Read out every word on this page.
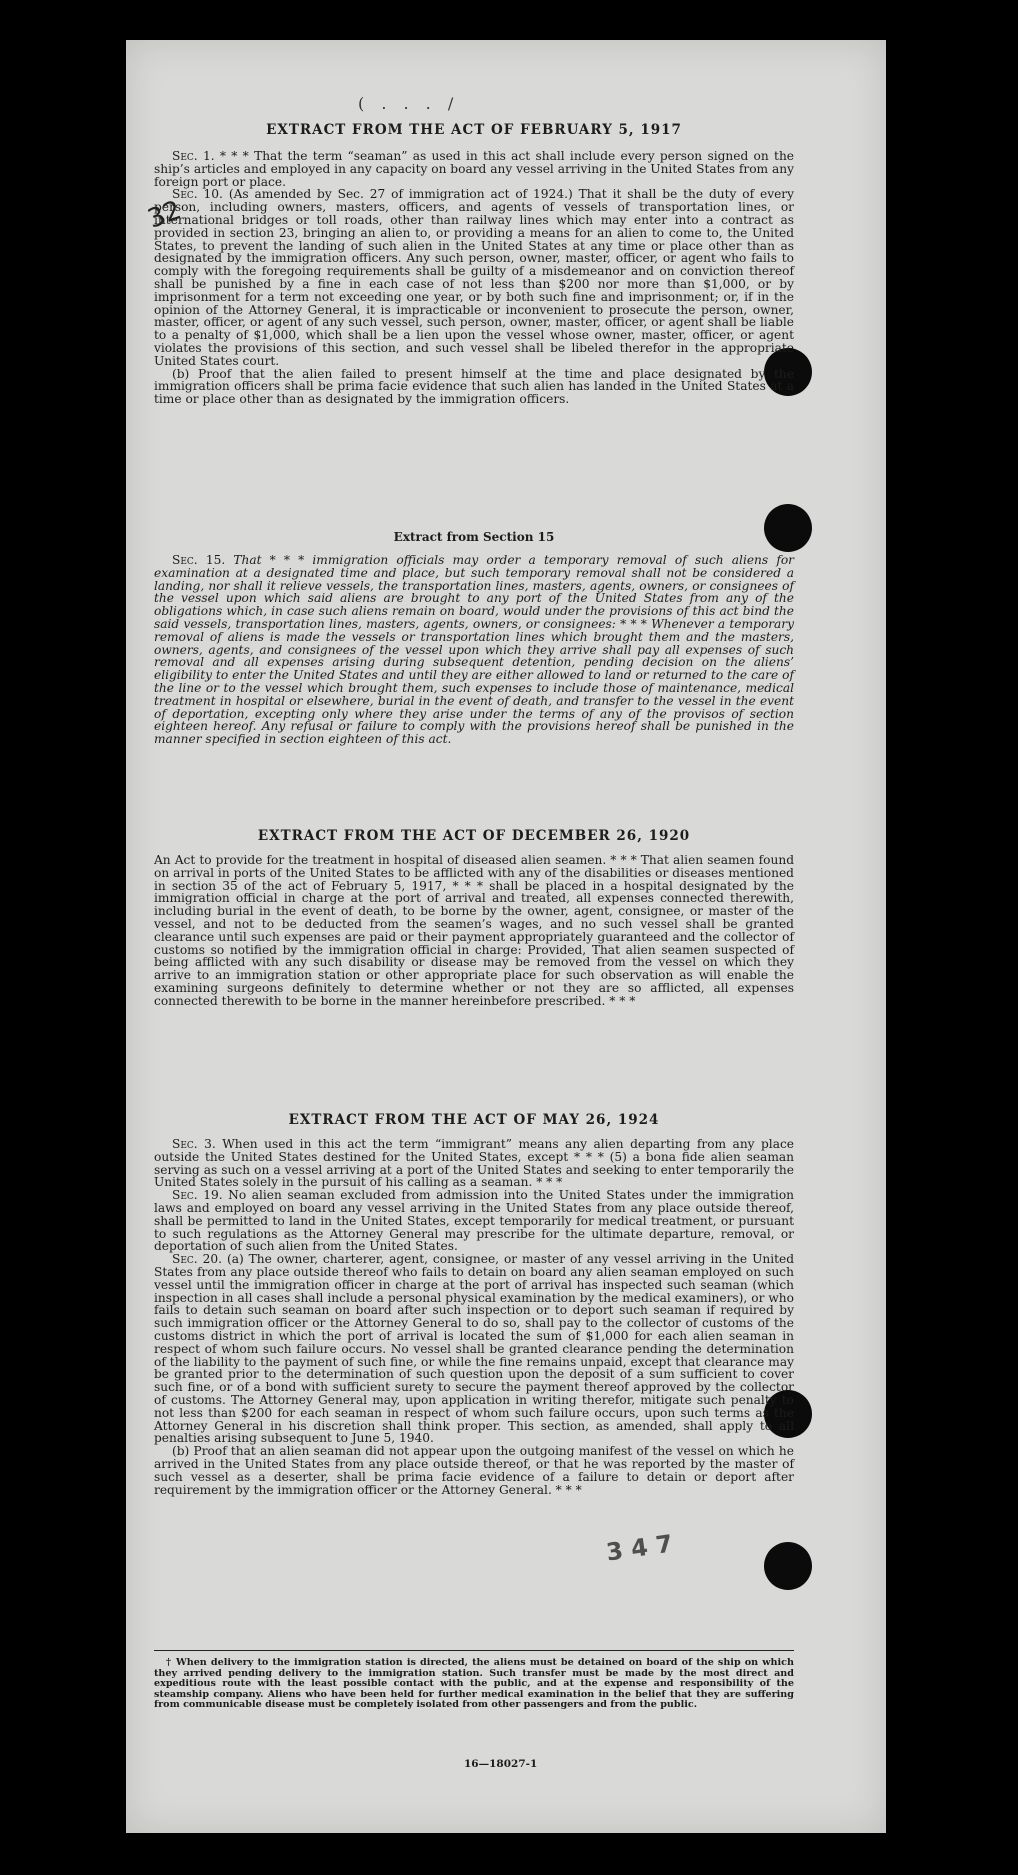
( . . . /
32

EXTRACT FROM THE ACT OF FEBRUARY 5, 1917

Sec. 1. * * * That the term “seaman” as used in this act shall include every person signed on the ship’s articles and employed in any capacity on board any vessel arriving in the United States from any foreign port or place.

Sec. 10. (As amended by Sec. 27 of immigration act of 1924.) That it shall be the duty of every person, including owners, masters, officers, and agents of vessels of transportation lines, or international bridges or toll roads, other than railway lines which may enter into a contract as provided in section 23, bringing an alien to, or providing a means for an alien to come to, the United States, to prevent the landing of such alien in the United States at any time or place other than as designated by the immigration officers. Any such person, owner, master, officer, or agent who fails to comply with the foregoing requirements shall be guilty of a misdemeanor and on conviction thereof shall be punished by a fine in each case of not less than $200 nor more than $1,000, or by imprisonment for a term not exceeding one year, or by both such fine and imprisonment; or, if in the opinion of the Attorney General, it is impracticable or inconvenient to prosecute the person, owner, master, officer, or agent of any such vessel, such person, owner, master, officer, or agent shall be liable to a penalty of $1,000, which shall be a lien upon the vessel whose owner, master, officer, or agent violates the provisions of this section, and such vessel shall be libeled therefor in the appropriate United States court.

(b) Proof that the alien failed to present himself at the time and place designated by the immigration officers shall be prima facie evidence that such alien has landed in the United States at a time or place other than as designated by the immigration officers.

Extract from Section 15

Sec. 15. That * * * immigration officials may order a temporary removal of such aliens for examination at a designated time and place, but such temporary removal shall not be considered a landing, nor shall it relieve vessels, the transportation lines, masters, agents, owners, or consignees of the vessel upon which said aliens are brought to any port of the United States from any of the obligations which, in case such aliens remain on board, would under the provisions of this act bind the said vessels, transportation lines, masters, agents, owners, or consignees: * * * Whenever a temporary removal of aliens is made the vessels or transportation lines which brought them and the masters, owners, agents, and consignees of the vessel upon which they arrive shall pay all expenses of such removal and all expenses arising during subsequent detention, pending decision on the aliens’ eligibility to enter the United States and until they are either allowed to land or returned to the care of the line or to the vessel which brought them, such expenses to include those of maintenance, medical treatment in hospital or elsewhere, burial in the event of death, and transfer to the vessel in the event of deportation, excepting only where they arise under the terms of any of the provisos of section eighteen hereof. Any refusal or failure to comply with the provisions hereof shall be punished in the manner specified in section eighteen of this act.

EXTRACT FROM THE ACT OF DECEMBER 26, 1920

An Act to provide for the treatment in hospital of diseased alien seamen. * * * That alien seamen found on arrival in ports of the United States to be afflicted with any of the disabilities or diseases mentioned in section 35 of the act of February 5, 1917, * * * shall be placed in a hospital designated by the immigration official in charge at the port of arrival and treated, all expenses connected therewith, including burial in the event of death, to be borne by the owner, agent, consignee, or master of the vessel, and not to be deducted from the seamen’s wages, and no such vessel shall be granted clearance until such expenses are paid or their payment appropriately guaranteed and the collector of customs so notified by the immigration official in charge: Provided, That alien seamen suspected of being afflicted with any such disability or disease may be removed from the vessel on which they arrive to an immigration station or other appropriate place for such observation as will enable the examining surgeons definitely to determine whether or not they are so afflicted, all expenses connected therewith to be borne in the manner hereinbefore prescribed. * * *

EXTRACT FROM THE ACT OF MAY 26, 1924

Sec. 3. When used in this act the term “immigrant” means any alien departing from any place outside the United States destined for the United States, except * * * (5) a bona fide alien seaman serving as such on a vessel arriving at a port of the United States and seeking to enter temporarily the United States solely in the pursuit of his calling as a seaman. * * *

Sec. 19. No alien seaman excluded from admission into the United States under the immigration laws and employed on board any vessel arriving in the United States from any place outside thereof, shall be permitted to land in the United States, except temporarily for medical treatment, or pursuant to such regulations as the Attorney General may prescribe for the ultimate departure, removal, or deportation of such alien from the United States.

Sec. 20. (a) The owner, charterer, agent, consignee, or master of any vessel arriving in the United States from any place outside thereof who fails to detain on board any alien seaman employed on such vessel until the immigration officer in charge at the port of arrival has inspected such seaman (which inspection in all cases shall include a personal physical examination by the medical examiners), or who fails to detain such seaman on board after such inspection or to deport such seaman if required by such immigration officer or the Attorney General to do so, shall pay to the collector of customs of the customs district in which the port of arrival is located the sum of $1,000 for each alien seaman in respect of whom such failure occurs. No vessel shall be granted clearance pending the determination of the liability to the payment of such fine, or while the fine remains unpaid, except that clearance may be granted prior to the determination of such question upon the deposit of a sum sufficient to cover such fine, or of a bond with sufficient surety to secure the payment thereof approved by the collector of customs. The Attorney General may, upon application in writing therefor, mitigate such penalty to not less than $200 for each seaman in respect of whom such failure occurs, upon such terms as the Attorney General in his discretion shall think proper. This section, as amended, shall apply to all penalties arising subsequent to June 5, 1940.

(b) Proof that an alien seaman did not appear upon the outgoing manifest of the vessel on which he arrived in the United States from any place outside thereof, or that he was reported by the master of such vessel as a deserter, shall be prima facie evidence of a failure to detain or deport after requirement by the immigration officer or the Attorney General. * * *

† When delivery to the immigration station is directed, the aliens must be detained on board of the ship on which they arrived pending delivery to the immigration station. Such transfer must be made by the most direct and expeditious route with the least possible contact with the public, and at the expense and responsibility of the steamship company. Aliens who have been held for further medical examination in the belief that they are suffering from communicable disease must be completely isolated from other passengers and from the public.

16—18027-1
3 4 7
